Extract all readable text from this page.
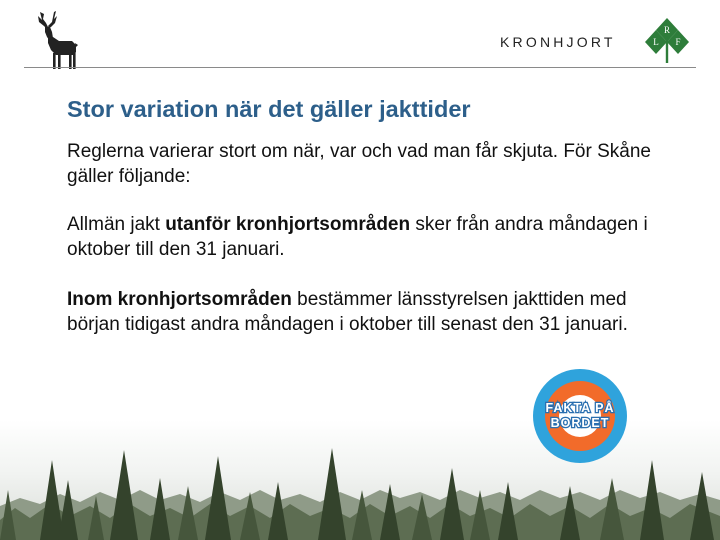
KRONHJORT
R
L F
Stor variation när det gäller jakttider

Reglerna varierar stort om när, var och vad man får skjuta. För Skåne gäller följande:

Allmän jakt utanför kronhjortsområden sker från andra måndagen i oktober till den 31 januari.

Inom kronhjortsområden bestämmer länsstyrelsen jakttiden med början tidigast andra måndagen i oktober till senast den 31 januari.

FAKTA PÅ
BORDET
